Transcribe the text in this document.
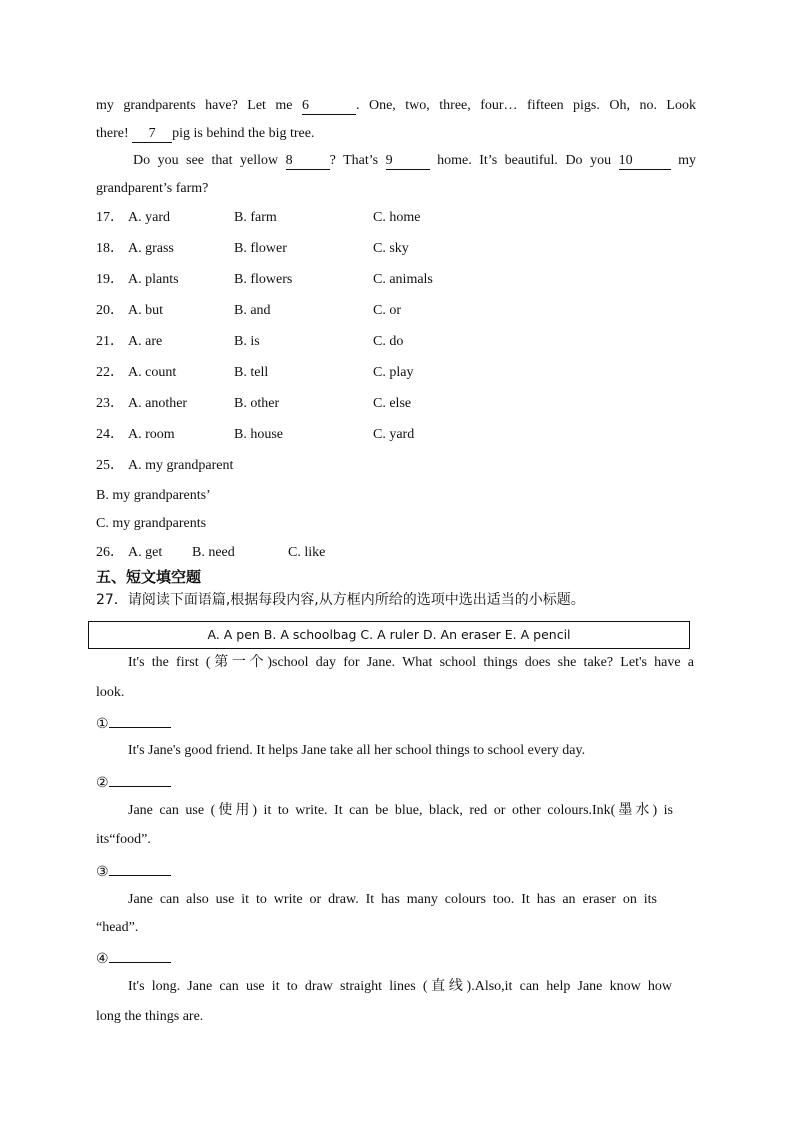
my grandparents have? Let me 6	. One, two, three, four… fifteen pigs. Oh, no. Look
there! 7 pig is behind the big tree.
Do you see that yellow 8	? That’s 9	home. It’s beautiful. Do you 10	my
grandparent’s farm?
17． A. yard	B. farm	C. home
18． A. grass	B. flower	C. sky
19． A. plants	B. flowers	C. animals
20． A. but	B. and	C. or
21． A. are	B. is	C. do
22． A. count	B. tell	C. play
23． A. another	B. other	C. else
24． A. room	B. house	C. yard
25． A. my grandparent
B. my grandparents’
C. my grandparents
26． A. get B. need	C. like
五、短文填空题
27．请阅读下面语篇,根据每段内容,从方框内所给的选项中选出适当的小标题。
A. A pen B. A schoolbag C. A ruler D. An eraser E. A pencil
It's the first (第一个)school day for Jane. What school things does she take? Let's have a
look.
①
It's Jane's good friend. It helps Jane take all her school things to school every day.
②
Jane can use (使用) it to write. It can be blue, black, red or other colours.Ink(墨水) is
its“food”.
③
Jane can also use it to write or draw. It has many colours too. It has an eraser on its
“head”.
④
It's long. Jane can use it to draw straight lines (直线).Also,it can help Jane know how
long the things are.
